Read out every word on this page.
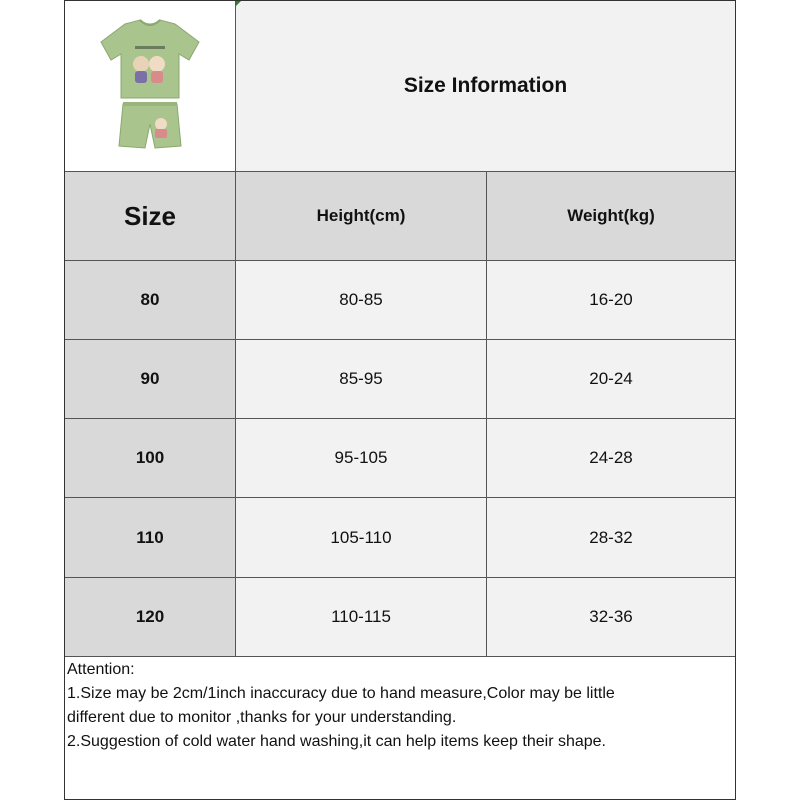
Size Information
Size	Height(cm)	Weight(kg)
80	80-85	16-20
90	85-95	20-24
100	95-105	24-28
110	105-110	28-32
120	110-115	32-36
Attention:
1.Size may be 2cm/1inch inaccuracy due to hand measure,Color may be little
different due to monitor ,thanks for your understanding.
2.Suggestion of cold water hand washing,it can help items keep their shape.
